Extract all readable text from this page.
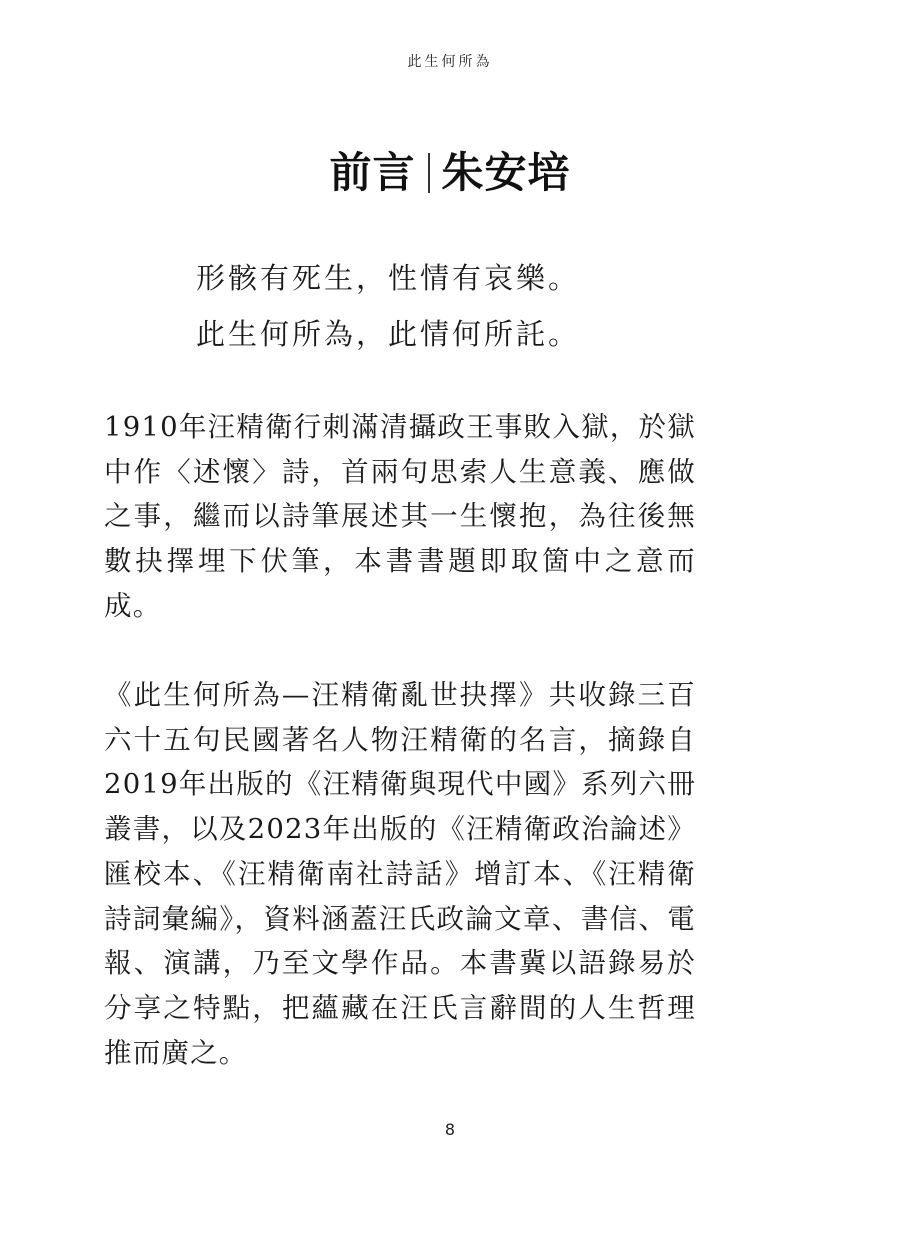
此生何所為
前言 朱安培
形骸有死生，性情有哀樂。
此生何所為，此情何所託。
1910年汪精衛行刺滿清攝政王事敗入獄，於獄中作〈述懷〉詩，首兩句思索人生意義、應做之事，繼而以詩筆展述其一生懷抱，為往後無數抉擇埋下伏筆，本書書題即取箇中之意而成。
《此生何所為—汪精衛亂世抉擇》共收錄三百六十五句民國著名人物汪精衛的名言，摘錄自2019年出版的《汪精衛與現代中國》系列六冊叢書，以及2023年出版的《汪精衛政治論述》匯校本、《汪精衛南社詩話》增訂本、《汪精衛詩詞彙編》，資料涵蓋汪氏政論文章、書信、電報、演講，乃至文學作品。本書冀以語錄易於分享之特點，把蘊藏在汪氏言辭間的人生哲理推而廣之。
8
